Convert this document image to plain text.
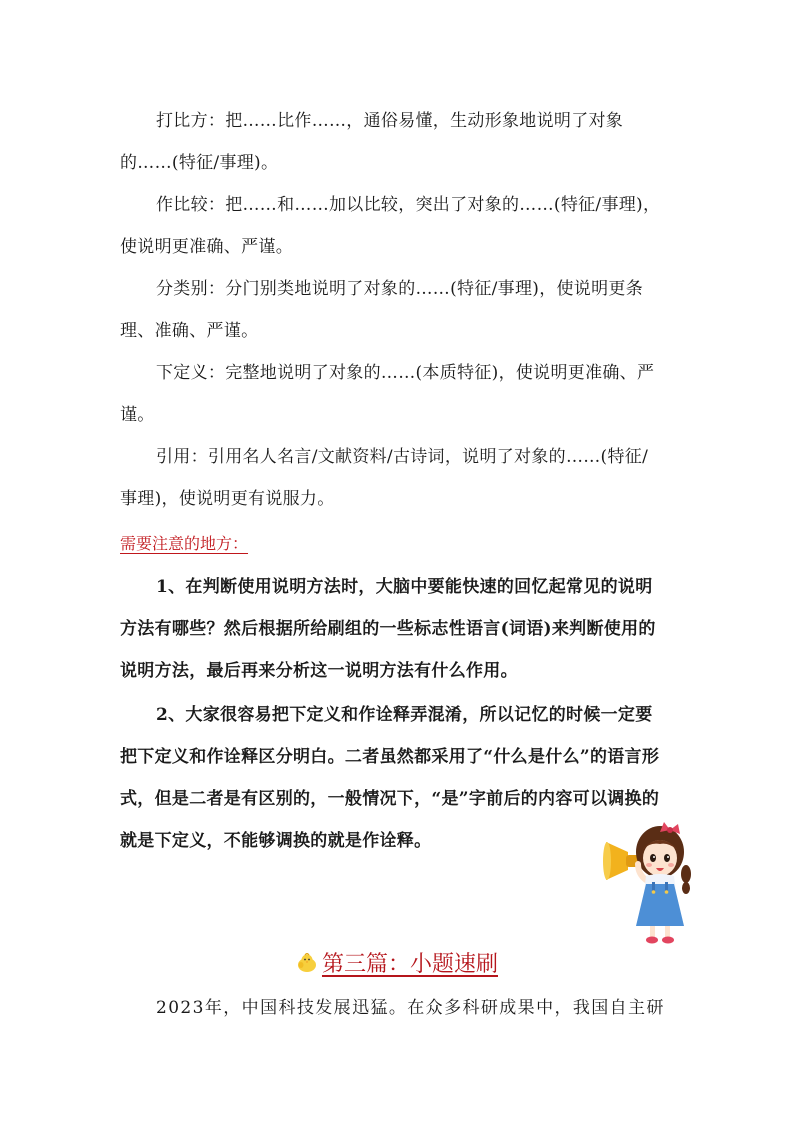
打比方：把……比作……，通俗易懂，生动形象地说明了对象的……(特征/事理)。

作比较：把……和……加以比较，突出了对象的……(特征/事理)，使说明更准确、严谨。

分类别：分门别类地说明了对象的……(特征/事理)，使说明更条理、准确、严谨。

下定义：完整地说明了对象的……(本质特征)，使说明更准确、严谨。

引用：引用名人名言/文献资料/古诗词，说明了对象的……(特征/事理)，使说明更有说服力。

需要注意的地方：

1、在判断使用说明方法时，大脑中要能快速的回忆起常见的说明方法有哪些？然后根据所给刷组的一些标志性语言(词语)来判断使用的说明方法，最后再来分析这一说明方法有什么作用。

2、大家很容易把下定义和作诠释弄混淆，所以记忆的时候一定要把下定义和作诠释区分明白。二者虽然都采用了“什么是什么”的语言形式，但是二者是有区别的，一般情况下，“是”字前后的内容可以调换的就是下定义，不能够调换的就是作诠释。

第三篇：小题速刷

2023年，中国科技发展迅猛。在众多科研成果中，我国自主研
